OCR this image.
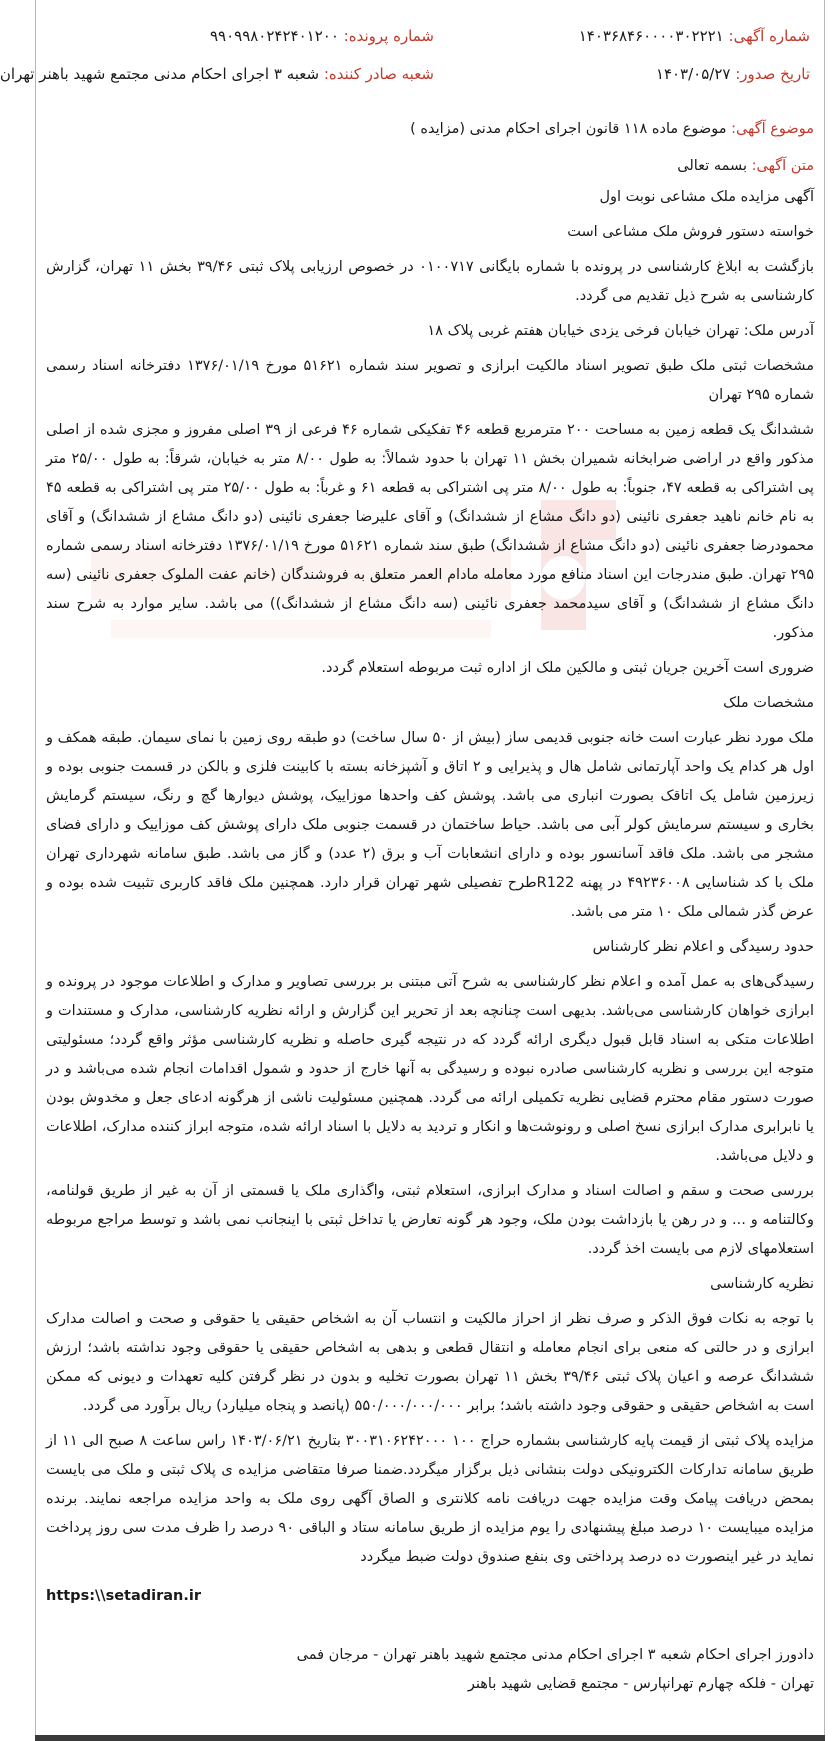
شماره آگهی: ۱۴۰۳۶۸۴۶۰۰۰۰۳۰۲۲۲۱
شماره پرونده: ۹۹۰۹۹۸۰۲۴۲۴۰۱۲۰۰
تاریخ صدور: ۱۴۰۳/۰۵/۲۷
شعبه صادر کننده: شعبه ۳ اجرای احکام مدنی مجتمع شهید باهنر تهران

موضوع آگهی: موضوع ماده ۱۱۸ قانون اجرای احکام مدنی (مزایده )

متن آگهی: بسمه تعالی

آگهی مزایده ملک مشاعی نوبت اول

خواسته دستور فروش ملک مشاعی است

بازگشت به ابلاغ کارشناسی در پرونده با شماره بایگانی ۰۱۰۰۷۱۷ در خصوص ارزیابی پلاک ثبتی ۳۹/۴۶ بخش ۱۱ تهران، گزارش کارشناسی به شرح ذیل تقدیم می گردد.

آدرس ملک: تهران خیابان فرخی یزدی خیابان هفتم غربی پلاک ۱۸

مشخصات ثبتی ملک طبق تصویر اسناد مالکیت ابرازی و تصویر سند شماره ۵۱۶۲۱ مورخ ۱۳۷۶/۰۱/۱۹ دفترخانه اسناد رسمی شماره ۲۹۵ تهران

ششدانگ یک قطعه زمین به مساحت ۲۰۰ مترمربع قطعه ۴۶ تفکیکی شماره ۴۶ فرعی از ۳۹ اصلی مفروز و مجزی شده از اصلی مذکور واقع در اراضی ضرابخانه شمیران بخش ۱۱ تهران با حدود شمالاً: به طول ۸/۰۰ متر به خیابان، شرقاً: به طول ۲۵/۰۰ متر پی اشتراکی به قطعه ۴۷، جنوباً: به طول ۸/۰۰ متر پی اشتراکی به قطعه ۶۱ و غرباً: به طول ۲۵/۰۰ متر پی اشتراکی به قطعه ۴۵ به نام خانم ناهید جعفری نائینی (دو دانگ مشاع از ششدانگ) و آقای علیرضا جعفری نائینی (دو دانگ مشاع از ششدانگ) و آقای محمودرضا جعفری نائینی (دو دانگ مشاع از ششدانگ) طبق سند شماره ۵۱۶۲۱ مورخ ۱۳۷۶/۰۱/۱۹ دفترخانه اسناد رسمی شماره ۲۹۵ تهران. طبق مندرجات این اسناد منافع مورد معامله مادام العمر متعلق به فروشندگان (خانم عفت الملوک جعفری نائینی (سه دانگ مشاع از ششدانگ) و آقای سیدمحمد جعفری نائینی (سه دانگ مشاع از ششدانگ)) می باشد. سایر موارد به شرح سند مذکور.

ضروری است آخرین جریان ثبتی و مالکین ملک از اداره ثبت مربوطه استعلام گردد.

مشخصات ملک

ملک مورد نظر عبارت است خانه جنوبی قدیمی ساز (بیش از ۵۰ سال ساخت) دو طبقه روی زمین با نمای سیمان. طبقه همکف و اول هر کدام یک واحد آپارتمانی شامل هال و پذیرایی و ۲ اتاق و آشپزخانه بسته با کابینت فلزی و بالکن در قسمت جنوبی بوده و زیرزمین شامل یک اتاقک بصورت انباری می باشد. پوشش کف واحدها موزاییک، پوشش دیوارها گچ و رنگ، سیستم گرمایش بخاری و سیستم سرمایش کولر آبی می باشد. حیاط ساختمان در قسمت جنوبی ملک دارای پوشش کف موزاییک و دارای فضای مشجر می باشد. ملک فاقد آسانسور بوده و دارای انشعابات آب و برق (۲ عدد) و گاز می باشد. طبق سامانه شهرداری تهران ملک با کد شناسایی ۴۹۲۳۶۰۰۸ در پهنه R122طرح تفصیلی شهر تهران قرار دارد. همچنین ملک فاقد کاربری تثبیت شده بوده و عرض گذر شمالی ملک ۱۰ متر می باشد.

حدود رسیدگی و اعلام نظر کارشناس

رسیدگی‌های به عمل آمده و اعلام نظر کارشناسی به شرح آتی مبتنی بر بررسی تصاویر و مدارک و اطلاعات موجود در پرونده و ابرازی خواهان کارشناسی می‌باشد. بدیهی است چنانچه بعد از تحریر این گزارش و ارائه نظریه کارشناسی، مدارک و مستندات و اطلاعات متکی به اسناد قابل قبول دیگری ارائه گردد که در نتیجه گیری حاصله و نظریه کارشناسی مؤثر واقع گردد؛ مسئولیتی متوجه این بررسی و نظریه کارشناسی صادره نبوده و رسیدگی به آنها خارج از حدود و شمول اقدامات انجام شده می‌باشد و در صورت دستور مقام محترم قضایی نظریه تکمیلی ارائه می گردد. همچنین مسئولیت ناشی از هرگونه ادعای جعل و مخدوش بودن یا نابرابری مدارک ابرازی نسخ اصلی و رونوشت‌ها و انکار و تردید به دلایل با اسناد ارائه شده، متوجه ابراز کننده مدارک، اطلاعات و دلایل می‌باشد.

بررسی صحت و سقم و اصالت اسناد و مدارک ابرازی، استعلام ثبتی، واگذاری ملک یا قسمتی از آن به غیر از طریق قولنامه، وکالتنامه و ... و در رهن یا بازداشت بودن ملک، وجود هر گونه تعارض یا تداخل ثبتی با اینجانب نمی باشد و توسط مراجع مربوطه استعلامهای لازم می بایست اخذ گردد.

نظریه کارشناسی

با توجه به نکات فوق الذکر و صرف نظر از احراز مالکیت و انتساب آن به اشخاص حقیقی یا حقوقی و صحت و اصالت مدارک ابرازی و در حالتی که منعی برای انجام معامله و انتقال قطعی و بدهی به اشخاص حقیقی یا حقوقی وجود نداشته باشد؛ ارزش ششدانگ عرصه و اعیان پلاک ثبتی ۳۹/۴۶ بخش ۱۱ تهران بصورت تخلیه و بدون در نظر گرفتن کلیه تعهدات و دیونی که ممکن است به اشخاص حقیقی و حقوقی وجود داشته باشد؛ برابر ۵۵۰/۰۰۰/۰۰۰/۰۰۰ (پانصد و پنجاه میلیارد) ریال برآورد می گردد.

مزایده پلاک ثبتی از قیمت پایه کارشناسی بشماره حراج ۱۰۰ ۳۰۰۳۱۰۶۲۴۲۰۰۰ بتاریخ ۱۴۰۳/۰۶/۲۱ راس ساعت ۸ صبح الی ۱۱ از طریق سامانه تدارکات الکترونیکی دولت بنشانی ذیل برگزار میگردد.ضمنا صرفا متقاضی مزایده ی پلاک ثبتی و ملک می بایست بمحض دریافت پیامک وقت مزایده جهت دریافت نامه کلانتری و الصاق آگهی روی ملک به واحد مزایده مراجعه نمایند. برنده مزایده میبایست ۱۰ درصد مبلغ پیشنهادی را یوم مزایده از طریق سامانه ستاد و الباقی ۹۰ درصد را ظرف مدت سی روز پرداخت نماید در غیر اینصورت ده درصد پرداختی وی بنفع صندوق دولت ضبط میگردد

https:\\setadiran.ir

دادورز اجرای احکام شعبه ۳ اجرای احکام مدنی مجتمع شهید باهنر تهران - مرجان فمی
تهران - فلکه چهارم تهرانپارس - مجتمع قضایی شهید باهنر
